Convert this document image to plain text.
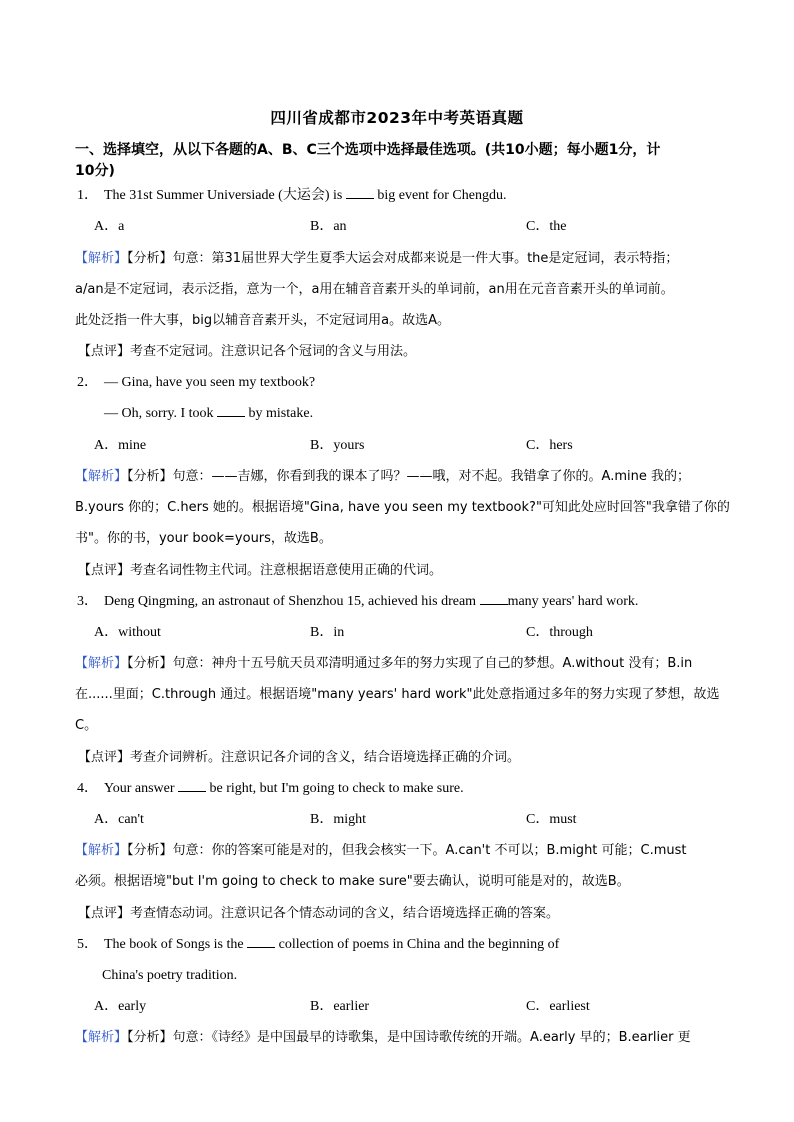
四川省成都市2023年中考英语真题
一、选择填空，从以下各题的A、B、C三个选项中选择最佳选项。(共10小题；每小题1分，计
10分)
1． The 31st Summer Universiade (大运会) is	big event for Chengdu.
A．a	B．an	C．the
【解析】【分析】句意：第31届世界大学生夏季大运会对成都来说是一件大事。the是定冠词，表示特指；
a/an是不定冠词，表示泛指，意为一个，a用在辅音音素开头的单词前，an用在元音音素开头的单词前。
此处泛指一件大事，big以辅音音素开头，不定冠词用a。故选A。
【点评】考查不定冠词。注意识记各个冠词的含义与用法。
2． — Gina, have you seen my textbook?
— Oh, sorry. I took	by mistake.
A．mine	B．yours	C．hers
【解析】【分析】句意：——吉娜，你看到我的课本了吗？——哦，对不起。我错拿了你的。A.mine 我的；
B.yours 你的；C.hers 她的。根据语境"Gina, have you seen my textbook?"可知此处应时回答"我拿错了你的
书"。你的书，your book=yours，故选B。
【点评】考查名词性物主代词。注意根据语意使用正确的代词。
3． Deng Qingming, an astronaut of Shenzhou 15, achieved his dream many years' hard work.
A．without	B．in	C．through
【解析】【分析】句意：神舟十五号航天员邓清明通过多年的努力实现了自己的梦想。A.without 没有；B.in
在......里面；C.through 通过。根据语境"many years' hard work"此处意指通过多年的努力实现了梦想，故选
C。
【点评】考查介词辨析。注意识记各介词的含义，结合语境选择正确的介词。
4． Your answer	be right, but I'm going to check to make sure.
A．can't	B．might	C．must
【解析】【分析】句意：你的答案可能是对的，但我会核实一下。A.can't 不可以；B.might 可能；C.must
必须。根据语境"but I'm going to check to make sure"要去确认，说明可能是对的，故选B。
【点评】考查情态动词。注意识记各个情态动词的含义，结合语境选择正确的答案。
5． The book of Songs is the	collection of poems in China and the beginning of
China's poetry tradition.
A．early	B．earlier	C．earliest
【解析】【分析】句意：《诗经》是中国最早的诗歌集，是中国诗歌传统的开端。A.early 早的；B.earlier 更
